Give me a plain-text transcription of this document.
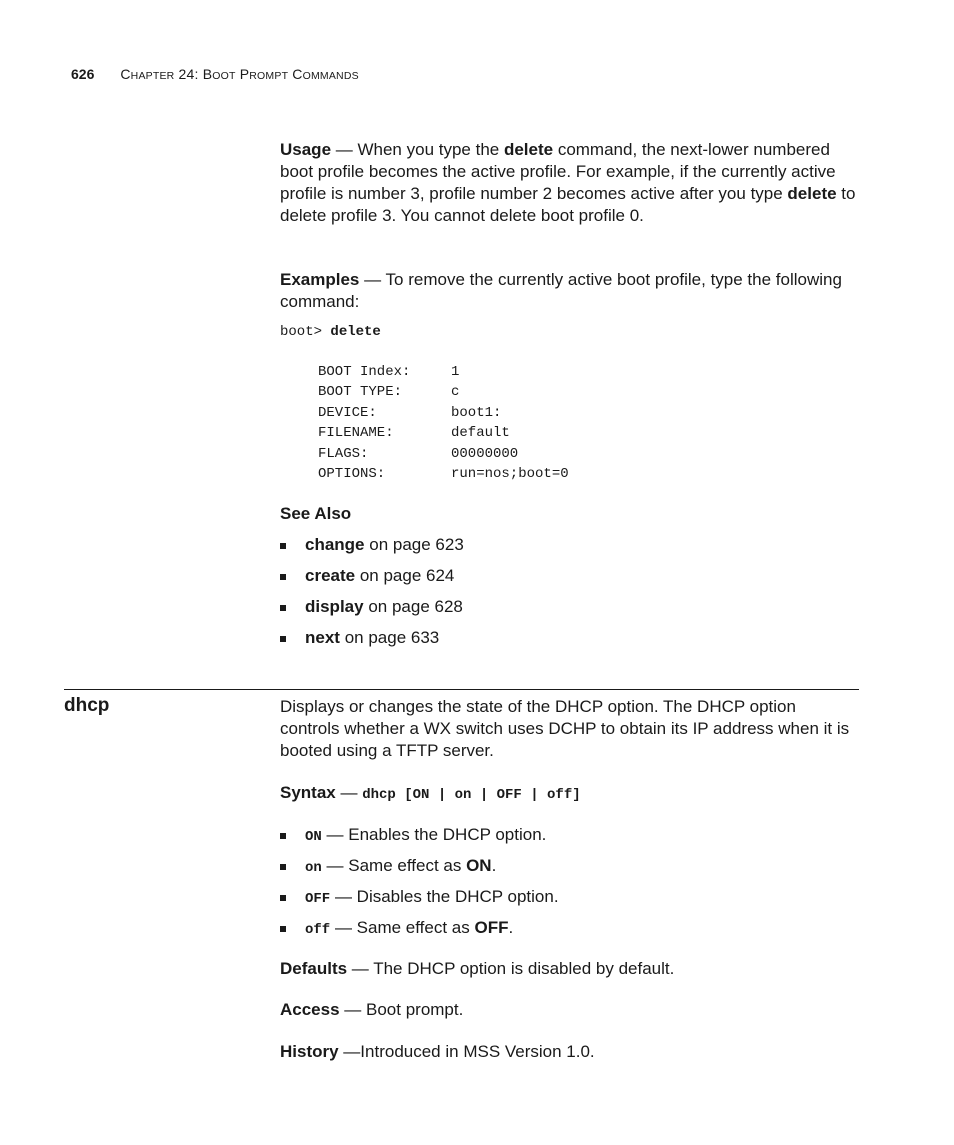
626 CHAPTER 24: BOOT PROMPT COMMANDS

Usage — When you type the delete command, the next-lower numbered boot profile becomes the active profile. For example, if the currently active profile is number 3, profile number 2 becomes active after you type delete to delete profile 3. You cannot delete boot profile 0.

Examples — To remove the currently active boot profile, type the following command:

boot> delete
BOOT Index:	1
BOOT TYPE:	c
DEVICE:	boot1:
FILENAME:	default
FLAGS:	00000000
OPTIONS:	run=nos;boot=0
See Also
change on page 623
create on page 624
display on page 628
next on page 633
dhcp	Displays or changes the state of the DHCP option. The DHCP option controls whether a WX switch uses DCHP to obtain its IP address when it is booted using a TFTP server.
Syntax — dhcp [ON | on | OFF | off]
ON — Enables the DHCP option.
on — Same effect as ON.
OFF — Disables the DHCP option.
off — Same effect as OFF.
Defaults — The DHCP option is disabled by default.
Access — Boot prompt.
History —Introduced in MSS Version 1.0.
